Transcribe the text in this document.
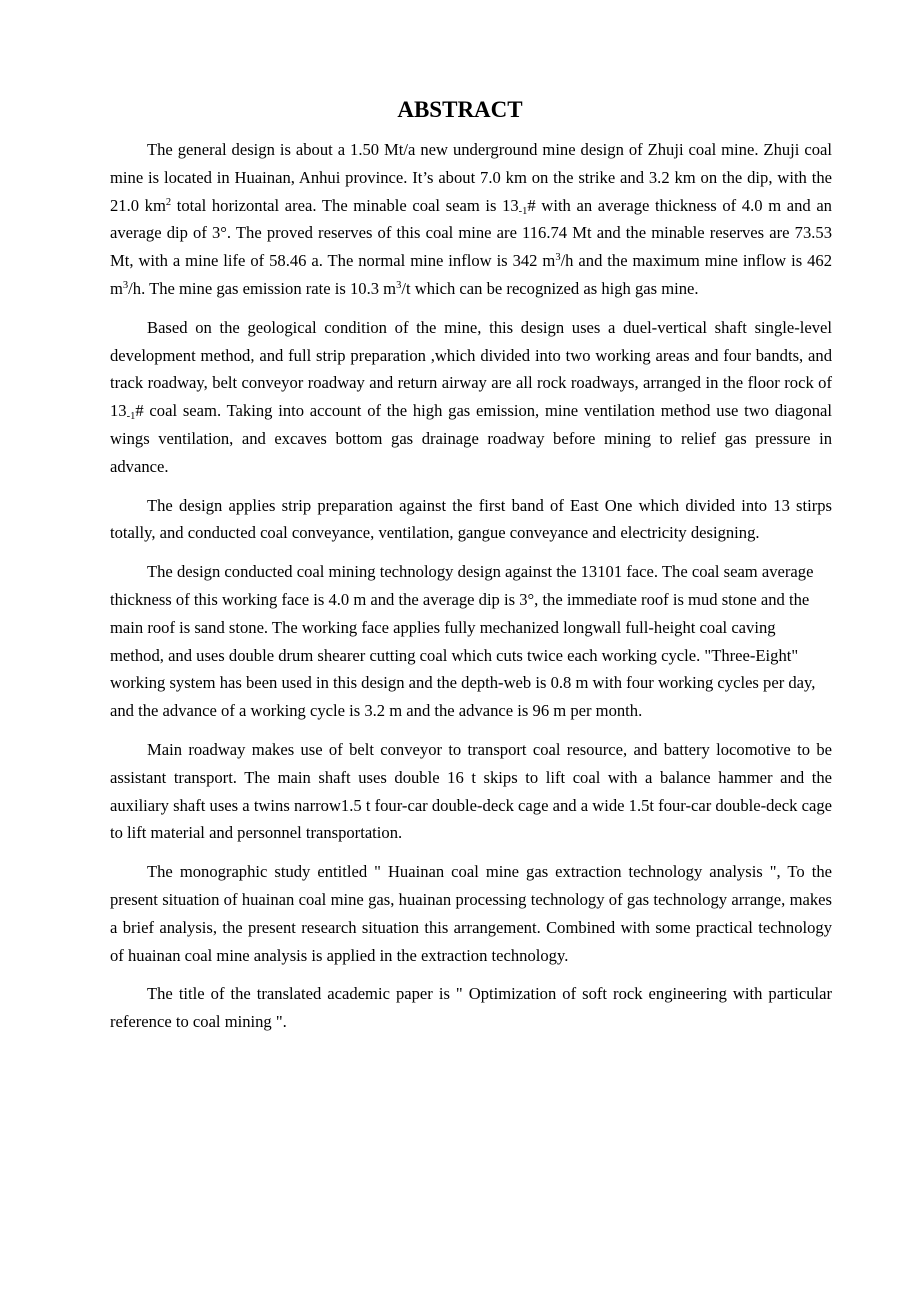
ABSTRACT

The general design is about a 1.50 Mt/a new underground mine design of Zhuji coal mine. Zhuji coal mine is located in Huainan, Anhui province. It’s about 7.0 km on the strike and 3.2 km on the dip, with the 21.0 $km^2$ total horizontal area. The minable coal seam is $13_{-1}\#$ with an average thickness of 4.0 m and an average dip of 3°. The proved reserves of this coal mine are 116.74 Mt and the minable reserves are 73.53 Mt, with a mine life of 58.46 a. The normal mine inflow is 342 $m^3/h$ and the maximum mine inflow is 462 $m^3/h$. The mine gas emission rate is 10.3 $m^3/t$ which can be recognized as high gas mine.

Based on the geological condition of the mine, this design uses a duel-vertical shaft single-level development method, and full strip preparation ,which divided into two working areas and four bandts, and track roadway, belt conveyor roadway and return airway are all rock roadways, arranged in the floor rock of $13_{-1}\#$ coal seam. Taking into account of the high gas emission, mine ventilation method use two diagonal wings ventilation, and excaves bottom gas drainage roadway before mining to relief gas pressure in advance.

The design applies strip preparation against the first band of East One which divided into 13 stirps totally, and conducted coal conveyance, ventilation, gangue conveyance and electricity designing.

The design conducted coal mining technology design against the 13101 face. The coal seam average thickness of this working face is 4.0 m and the average dip is 3°, the immediate roof is mud stone and the main roof is sand stone. The working face applies fully mechanized longwall full-height coal caving method, and uses double drum shearer cutting coal which cuts twice each working cycle. "Three-Eight" working system has been used in this design and the depth-web is 0.8 m with four working cycles per day, and the advance of a working cycle is 3.2 m and the advance is 96 m per month.

Main roadway makes use of belt conveyor to transport coal resource, and battery locomotive to be assistant transport. The main shaft uses double 16 t skips to lift coal with a balance hammer and the auxiliary shaft uses a twins narrow1.5 t four-car double-deck cage and a wide 1.5t four-car double-deck cage to lift material and personnel transportation.

The monographic study entitled " Huainan coal mine gas extraction technology analysis ", To the present situation of huainan coal mine gas, huainan processing technology of gas technology arrange, makes a brief analysis, the present research situation this arrangement. Combined with some practical technology of huainan coal mine analysis is applied in the extraction technology.

The title of the translated academic paper is " Optimization of soft rock engineering with particular reference to coal mining ".
